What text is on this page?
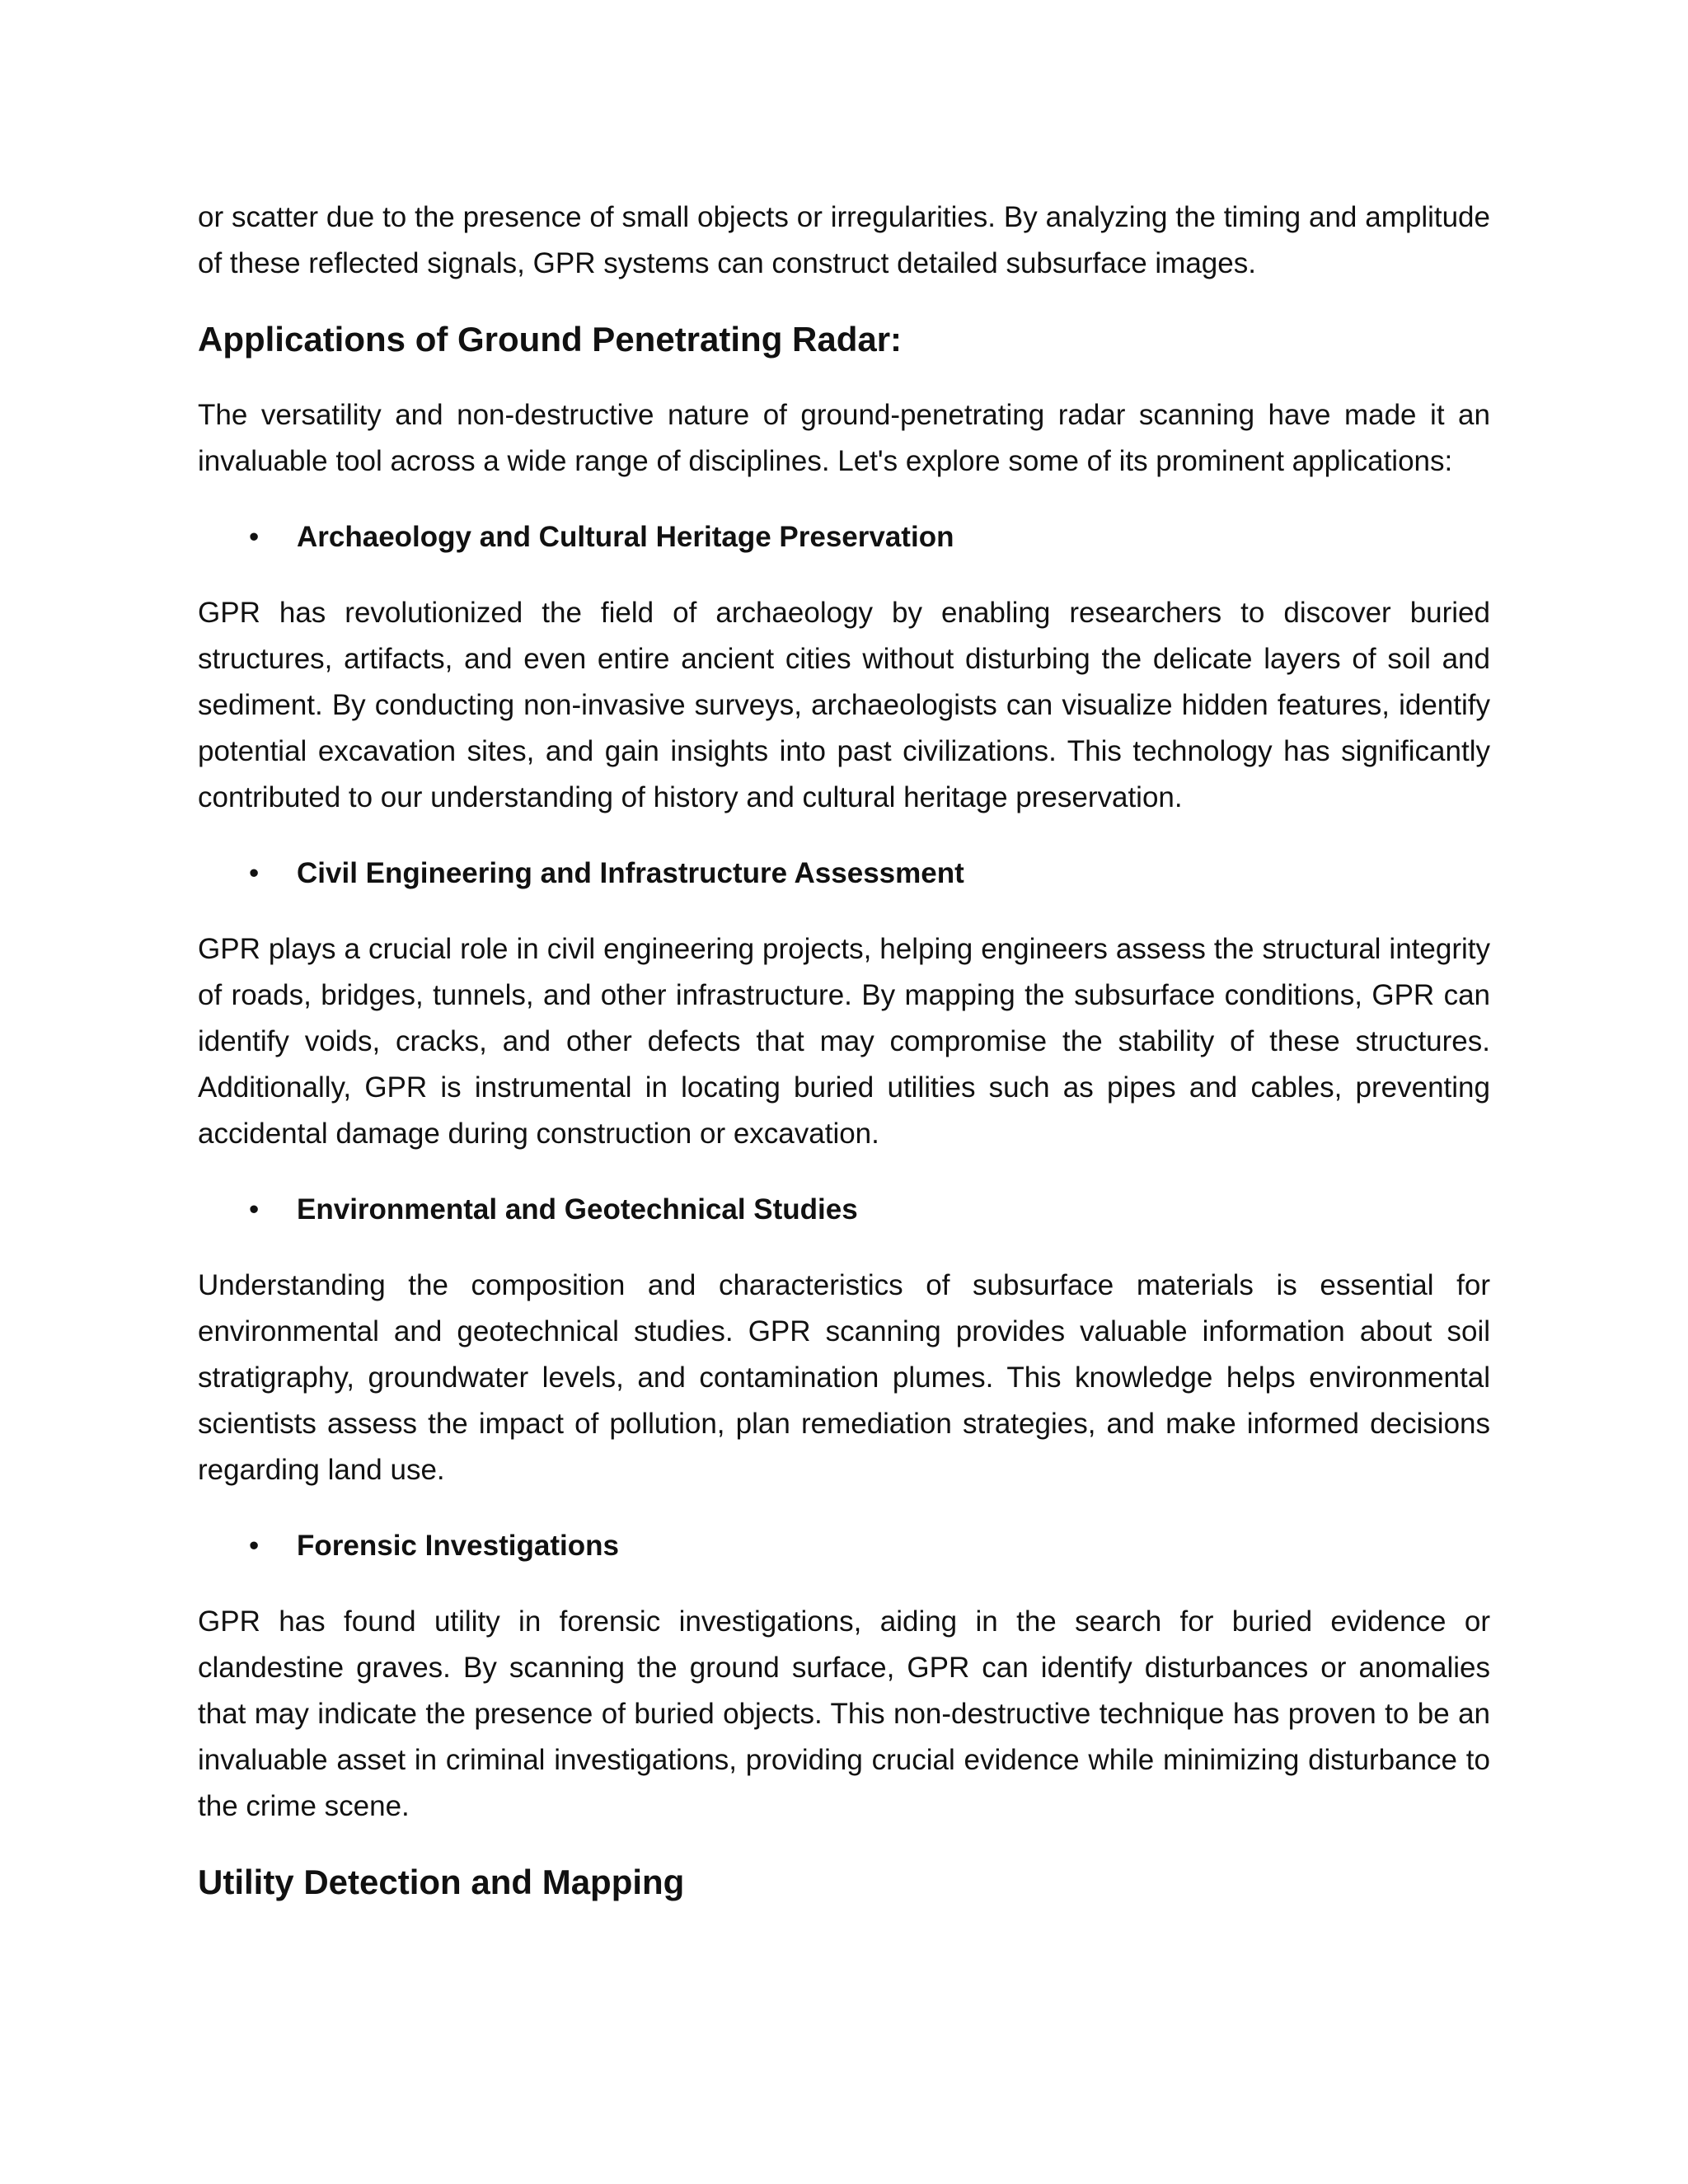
or scatter due to the presence of small objects or irregularities. By analyzing the timing and amplitude of these reflected signals, GPR systems can construct detailed subsurface images.

Applications of Ground Penetrating Radar:

The versatility and non-destructive nature of ground-penetrating radar scanning have made it an invaluable tool across a wide range of disciplines. Let's explore some of its prominent applications:

• Archaeology and Cultural Heritage Preservation

GPR has revolutionized the field of archaeology by enabling researchers to discover buried structures, artifacts, and even entire ancient cities without disturbing the delicate layers of soil and sediment. By conducting non-invasive surveys, archaeologists can visualize hidden features, identify potential excavation sites, and gain insights into past civilizations. This technology has significantly contributed to our understanding of history and cultural heritage preservation.

• Civil Engineering and Infrastructure Assessment

GPR plays a crucial role in civil engineering projects, helping engineers assess the structural integrity of roads, bridges, tunnels, and other infrastructure. By mapping the subsurface conditions, GPR can identify voids, cracks, and other defects that may compromise the stability of these structures. Additionally, GPR is instrumental in locating buried utilities such as pipes and cables, preventing accidental damage during construction or excavation.

• Environmental and Geotechnical Studies

Understanding the composition and characteristics of subsurface materials is essential for environmental and geotechnical studies. GPR scanning provides valuable information about soil stratigraphy, groundwater levels, and contamination plumes. This knowledge helps environmental scientists assess the impact of pollution, plan remediation strategies, and make informed decisions regarding land use.

• Forensic Investigations

GPR has found utility in forensic investigations, aiding in the search for buried evidence or clandestine graves. By scanning the ground surface, GPR can identify disturbances or anomalies that may indicate the presence of buried objects. This non-destructive technique has proven to be an invaluable asset in criminal investigations, providing crucial evidence while minimizing disturbance to the crime scene.

Utility Detection and Mapping
